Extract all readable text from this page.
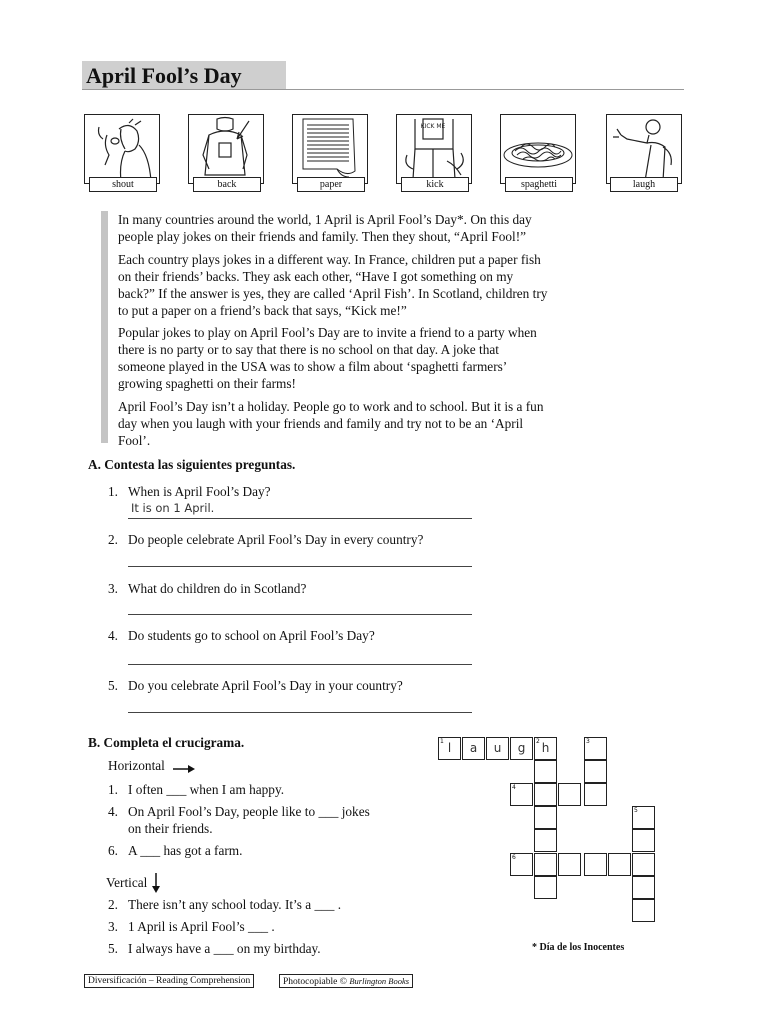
April Fool’s Day
shout	back	paper
KICK ME
kick	spaghetti	laugh
In many countries around the world, 1 April is April Fool’s Day*. On this day
people play jokes on their friends and family. Then they shout, “April Fool!”
Each country plays jokes in a different way. In France, children put a paper fish
on their friends’ backs. They ask each other, “Have I got something on my
back?” If the answer is yes, they are called ‘April Fish’. In Scotland, children try
to put a paper on a friend’s back that says, “Kick me!”
Popular jokes to play on April Fool’s Day are to invite a friend to a party when
there is no party or to say that there is no school on that day. A joke that
someone played in the USA was to show a film about ‘spaghetti farmers’
growing spaghetti on their farms!
April Fool’s Day isn’t a holiday. People go to work and to school. But it is a fun
day when you laugh with your friends and family and try not to be an ‘April
Fool’.
A. Contesta las siguientes preguntas.
1. When is April Fool’s Day?
It is on 1 April.
2. Do people celebrate April Fool’s Day in every country?
3. What do children do in Scotland?
4. Do students go to school on April Fool’s Day?
5. Do you celebrate April Fool’s Day in your country?
B. Completa el crucigrama.
Horizontal
1. I often ___ when I am happy.
4. On April Fool’s Day, people like to ___ jokes
on their friends.
6. A ___ has got a farm.
Vertical
2. There isn’t any school today. It’s a ___ .
3. 1 April is April Fool’s ___ .
5. I always have a ___ on my birthday.
1 l	a	u	g	2 h	3
4
5
6
* Día de los Inocentes
Diversificación – Reading Comprehension	Photocopiable © Burlington Books
